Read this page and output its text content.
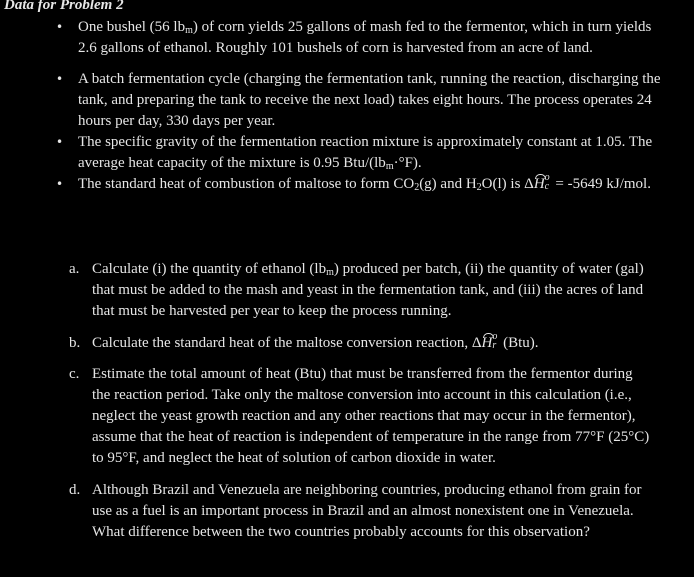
Data for Problem 2
• One bushel (56 $lb_m$) of corn yields 25 gallons of mash fed to the fermentor, which in turn yields 2.6 gallons of ethanol. Roughly 101 bushels of corn is harvested from an acre of land.
• A batch fermentation cycle (charging the fermentation tank, running the reaction, discharging the tank, and preparing the tank to receive the next load) takes eight hours. The process operates 24 hours per day, 330 days per year.
• The specific gravity of the fermentation reaction mixture is approximately constant at 1.05. The average heat capacity of the mixture is 0.95 Btu/$(lb_m\cdot^\circ F)$.
• The standard heat of combustion of maltose to form $CO_2(g)$ and $H_2O(l)$ is ΔH o
c = -5649 kJ/mol.
a. Calculate (i) the quantity of ethanol $(lb_m)$ produced per batch, (ii) the quantity of water (gal) that must be added to the mash and yeast in the fermentation tank, and (iii) the acres of land that must be harvested per year to keep the process running.
b. Calculate the standard heat of the maltose conversion reaction, ΔH o
r (Btu).
c. Estimate the total amount of heat (Btu) that must be transferred from the fermentor during the reaction period. Take only the maltose conversion into account in this calculation (i.e., neglect the yeast growth reaction and any other reactions that may occur in the fermentor), assume that the heat of reaction is independent of temperature in the range from 77°F (25°C) to 95°F, and neglect the heat of solution of carbon dioxide in water.
d. Although Brazil and Venezuela are neighboring countries, producing ethanol from grain for use as a fuel is an important process in Brazil and an almost nonexistent one in Venezuela. What difference between the two countries probably accounts for this observation?
